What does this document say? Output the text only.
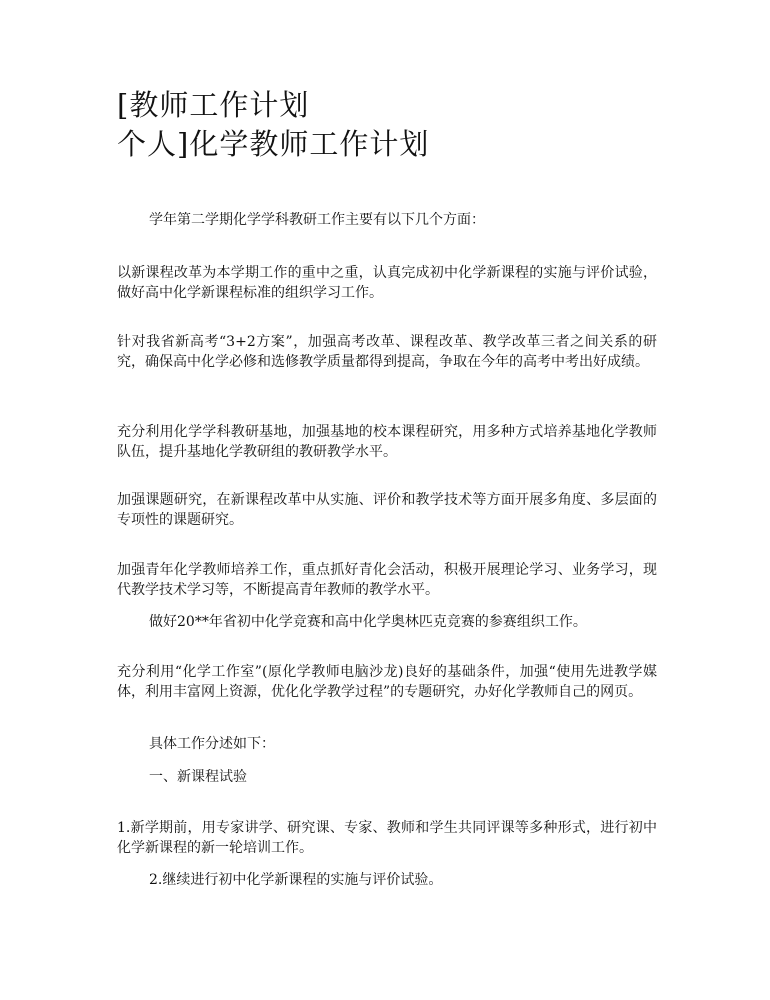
[教师工作计划
个人]化学教师工作计划

学年第二学期化学学科教研工作主要有以下几个方面：

以新课程改革为本学期工作的重中之重，认真完成初中化学新课程的实施与评价试验，做好高中化学新课程标准的组织学习工作。

针对我省新高考“3+2方案”，加强高考改革、课程改革、教学改革三者之间关系的研究，确保高中化学必修和选修教学质量都得到提高，争取在今年的高考中考出好成绩。

充分利用化学学科教研基地，加强基地的校本课程研究，用多种方式培养基地化学教师队伍，提升基地化学教研组的教研教学水平。

加强课题研究，在新课程改革中从实施、评价和教学技术等方面开展多角度、多层面的专项性的课题研究。

加强青年化学教师培养工作，重点抓好青化会活动，积极开展理论学习、业务学习，现代教学技术学习等，不断提高青年教师的教学水平。

做好20**年省初中化学竞赛和高中化学奥林匹克竞赛的参赛组织工作。

充分利用“化学工作室”(原化学教师电脑沙龙)良好的基础条件，加强“使用先进教学媒体，利用丰富网上资源，优化化学教学过程”的专题研究，办好化学教师自己的网页。

具体工作分述如下：

一、新课程试验

1.新学期前，用专家讲学、研究课、专家、教师和学生共同评课等多种形式，进行初中化学新课程的新一轮培训工作。

2.继续进行初中化学新课程的实施与评价试验。
